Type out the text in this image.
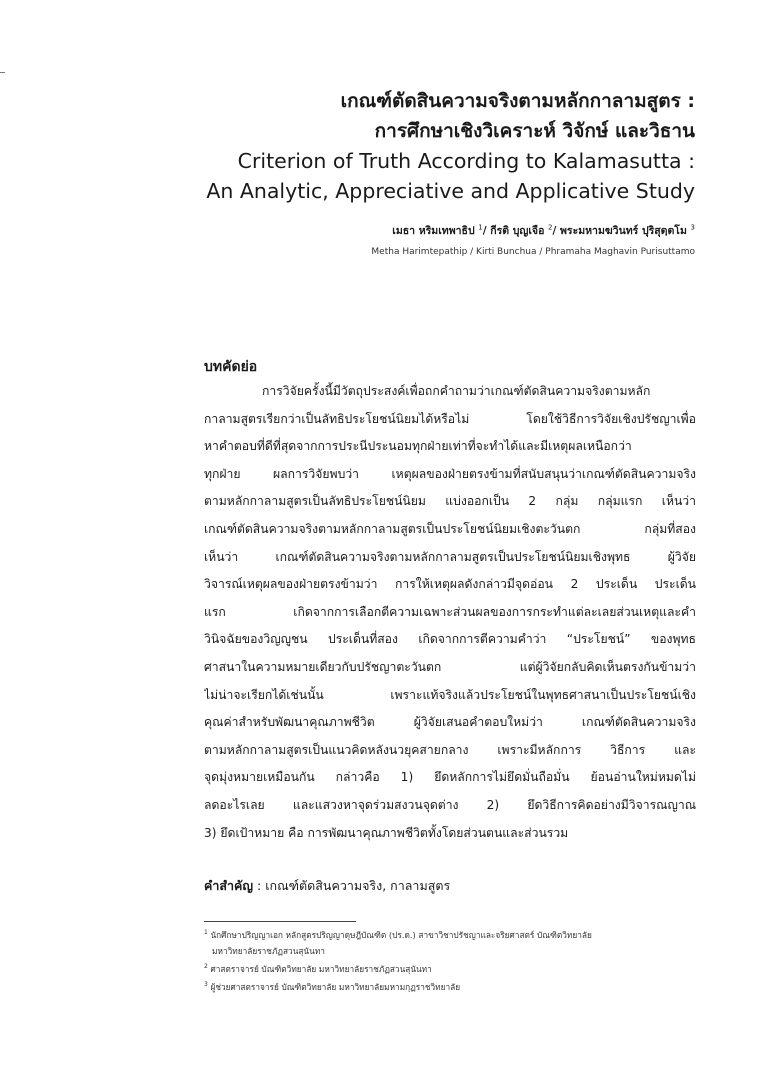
เกณฑ์ตัดสินความจริงตามหลักกาลามสูตร :
การศึกษาเชิงวิเคราะห์ วิจักษ์ และวิธาน
Criterion of Truth According to Kalamasutta :
An Analytic, Appreciative and Applicative Study
เมธา หริมเทพาธิป $^1$/ กีรติ บุญเจือ $^2$/ พระมหามฆวินทร์ ปุริสุตฺตโม $^3$
Metha Harimtepathip / Kirti Bunchua / Phramaha Maghavin Purisuttamo
บทคัดย่อ
การวิจัยครั้งนี้มีวัตถุประสงค์เพื่อถกคำถามว่าเกณฑ์ตัดสินความจริงตามหลัก
กาลามสูตรเรียกว่าเป็นลัทธิประโยชน์นิยมได้หรือไม่ โดยใช้วิธีการวิจัยเชิงปรัชญาเพื่อ
หาคำตอบที่ดีที่สุดจากการประนีประนอมทุกฝ่ายเท่าที่จะทำได้และมีเหตุผลเหนือกว่า
ทุกฝ่าย ผลการวิจัยพบว่า เหตุผลของฝ่ายตรงข้ามที่สนับสนุนว่าเกณฑ์ตัดสินความจริง
ตามหลักกาลามสูตรเป็นลัทธิประโยชน์นิยม แบ่งออกเป็น 2 กลุ่ม กลุ่มแรก เห็นว่า
เกณฑ์ตัดสินความจริงตามหลักกาลามสูตรเป็นประโยชน์นิยมเชิงตะวันตก กลุ่มที่สอง
เห็นว่า เกณฑ์ตัดสินความจริงตามหลักกาลามสูตรเป็นประโยชน์นิยมเชิงพุทธ ผู้วิจัย
วิจารณ์เหตุผลของฝ่ายตรงข้ามว่า การให้เหตุผลดังกล่าวมีจุดอ่อน 2 ประเด็น ประเด็น
แรก เกิดจากการเลือกตีความเฉพาะส่วนผลของการกระทำแต่ละเลยส่วนเหตุและคำ
วินิจฉัยของวิญญูชน ประเด็นที่สอง เกิดจากการตีความคำว่า “ประโยชน์” ของพุทธ
ศาสนาในความหมายเดียวกับปรัชญาตะวันตก แต่ผู้วิจัยกลับคิดเห็นตรงกันข้ามว่า
ไม่น่าจะเรียกได้เช่นนั้น เพราะแท้จริงแล้วประโยชน์ในพุทธศาสนาเป็นประโยชน์เชิง
คุณค่าสำหรับพัฒนาคุณภาพชีวิต ผู้วิจัยเสนอคำตอบใหม่ว่า เกณฑ์ตัดสินความจริง
ตามหลักกาลามสูตรเป็นแนวคิดหลังนวยุคสายกลาง เพราะมีหลักการ วิธีการ และ
จุดมุ่งหมายเหมือนกัน กล่าวคือ 1) ยึดหลักการไม่ยึดมั่นถือมั่น ย้อนอ่านใหม่หมดไม่
ลดอะไรเลย และแสวงหาจุดร่วมสงวนจุดต่าง 2) ยึดวิธีการคิดอย่างมีวิจารณญาณ
3) ยึดเป้าหมาย คือ การพัฒนาคุณภาพชีวิตทั้งโดยส่วนตนและส่วนรวม
คำสำคัญ : เกณฑ์ตัดสินความจริง, กาลามสูตร
$^1$ นักศึกษาปริญญาเอก หลักสูตรปริญญาดุษฎีบัณฑิต (ปร.ด.) สาขาวิชาปรัชญาและจริยศาสตร์ บัณฑิตวิทยาลัย
มหาวิทยาลัยราชภัฏสวนสุนันทา
$^2$ ศาสตราจารย์ บัณฑิตวิทยาลัย มหาวิทยาลัยราชภัฏสวนสุนันทา
$^3$ ผู้ช่วยศาสตราจารย์ บัณฑิตวิทยาลัย มหาวิทยาลัยมหามกุฏราชวิทยาลัย
